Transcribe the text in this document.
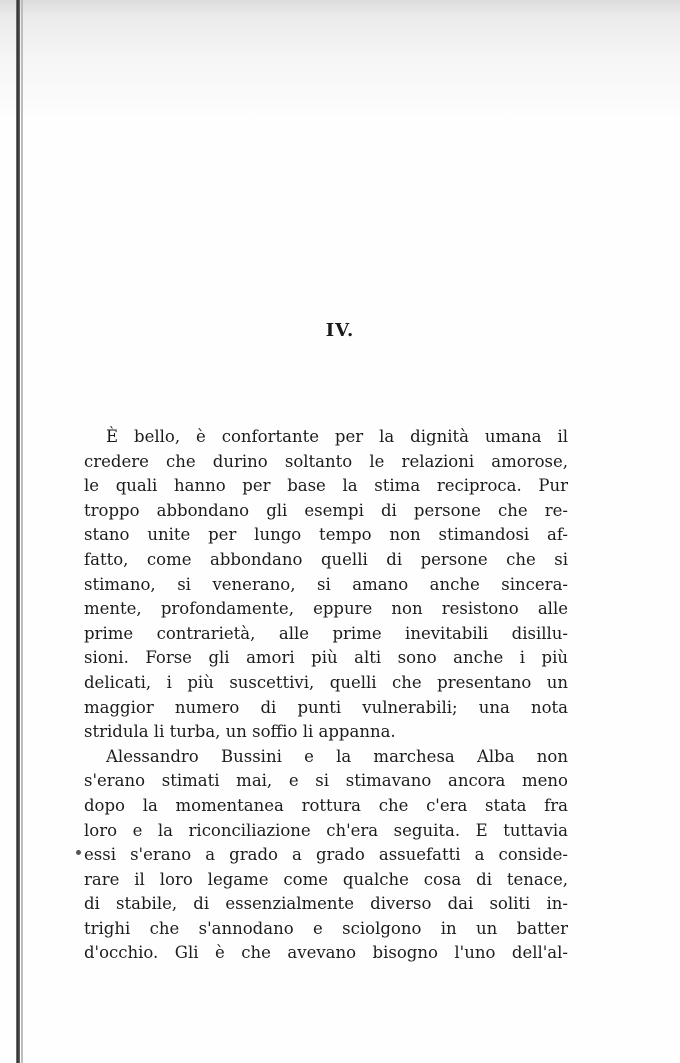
IV.
È bello, è confortante per la dignità umana il
credere che durino soltanto le relazioni amorose,
le quali hanno per base la stima reciproca. Pur
troppo abbondano gli esempi di persone che re-
stano unite per lungo tempo non stimandosi af-
fatto, come abbondano quelli di persone che si
stimano, si venerano, si amano anche sincera-
mente, profondamente, eppure non resistono alle
prime contrarietà, alle prime inevitabili disillu-
sioni. Forse gli amori più alti sono anche i più
delicati, i più suscettivi, quelli che presentano un
maggior numero di punti vulnerabili; una nota
stridula li turba, un soffio li appanna.
Alessandro Bussini e la marchesa Alba non
s'erano stimati mai, e si stimavano ancora meno
dopo la momentanea rottura che c'era stata fra
loro e la riconciliazione ch'era seguita. E tuttavia
essi s'erano a grado a grado assuefatti a conside-
rare il loro legame come qualche cosa di tenace,
di stabile, di essenzialmente diverso dai soliti in-
trighi che s'annodano e sciolgono in un batter
d'occhio. Gli è che avevano bisogno l'uno dell'al-
